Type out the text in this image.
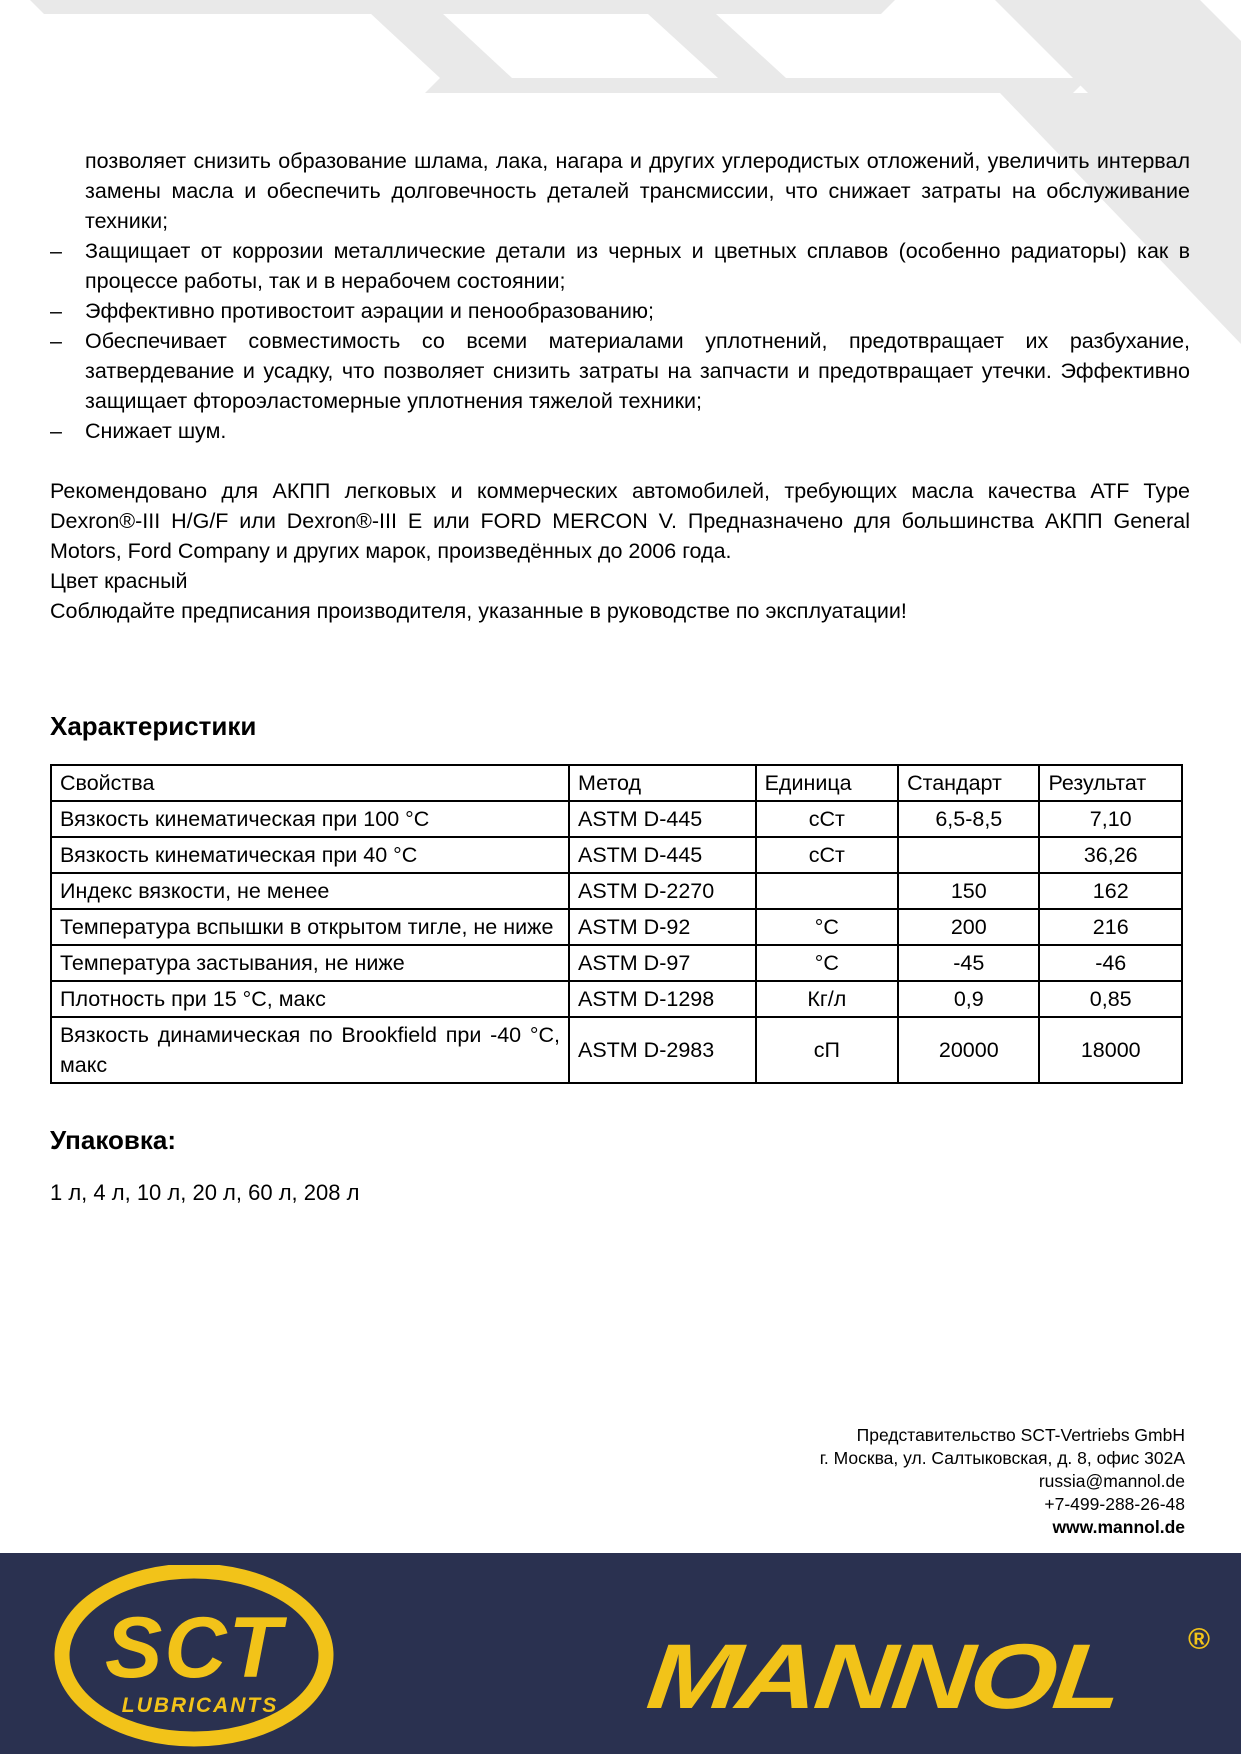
позволяет снизить образование шлама, лака, нагара и других углеродистых отложений, увеличить интервал замены масла и обеспечить долговечность деталей трансмиссии, что снижает затраты на обслуживание техники;
– Защищает от коррозии металлические детали из черных и цветных сплавов (особенно радиаторы) как в процессе работы, так и в нерабочем состоянии;
– Эффективно противостоит аэрации и пенообразованию;
– Обеспечивает совместимость со всеми материалами уплотнений, предотвращает их разбухание, затвердевание и усадку, что позволяет снизить затраты на запчасти и предотвращает утечки. Эффективно защищает фтороэластомерные уплотнения тяжелой техники;
– Снижает шум.

Рекомендовано для АКПП легковых и коммерческих автомобилей, требующих масла качества ATF Type Dexron®-III H/G/F или Dexron®-III E или FORD MERCON V. Предназначено для большинства АКПП General Motors, Ford Company и других марок, произведённых до 2006 года.

Цвет красный

Соблюдайте предписания производителя, указанные в руководстве по эксплуатации!

Характеристики
Свойства	Метод	Единица	Стандарт	Результат
Вязкость кинематическая при 100 °С	ASTM D-445	сСт	6,5-8,5	7,10
Вязкость кинематическая при 40 °С	ASTM D-445	сСт		36,26
Индекс вязкости, не менее	ASTM D-2270		150	162
Температура вспышки в открытом тигле, не ниже	ASTM D-92	°С	200	216
Температура застывания, не ниже	ASTM D-97	°С	-45	-46
Плотность при 15 °С, макс	ASTM D-1298	Кг/л	0,9	0,85
Вязкость динамическая по Brookfield при -40 °С, макс	ASTM D-2983	сП	20000	18000
Упаковка:

1 л, 4 л, 10 л, 20 л, 60 л, 208 л

Представительство SCT-Vertriebs GmbH
г. Москва, ул. Салтыковская, д. 8, офис 302А
russia@mannol.de
+7-499-288-26-48
www.mannol.de
SCT
LUBRICANTS	MANNOL ®
